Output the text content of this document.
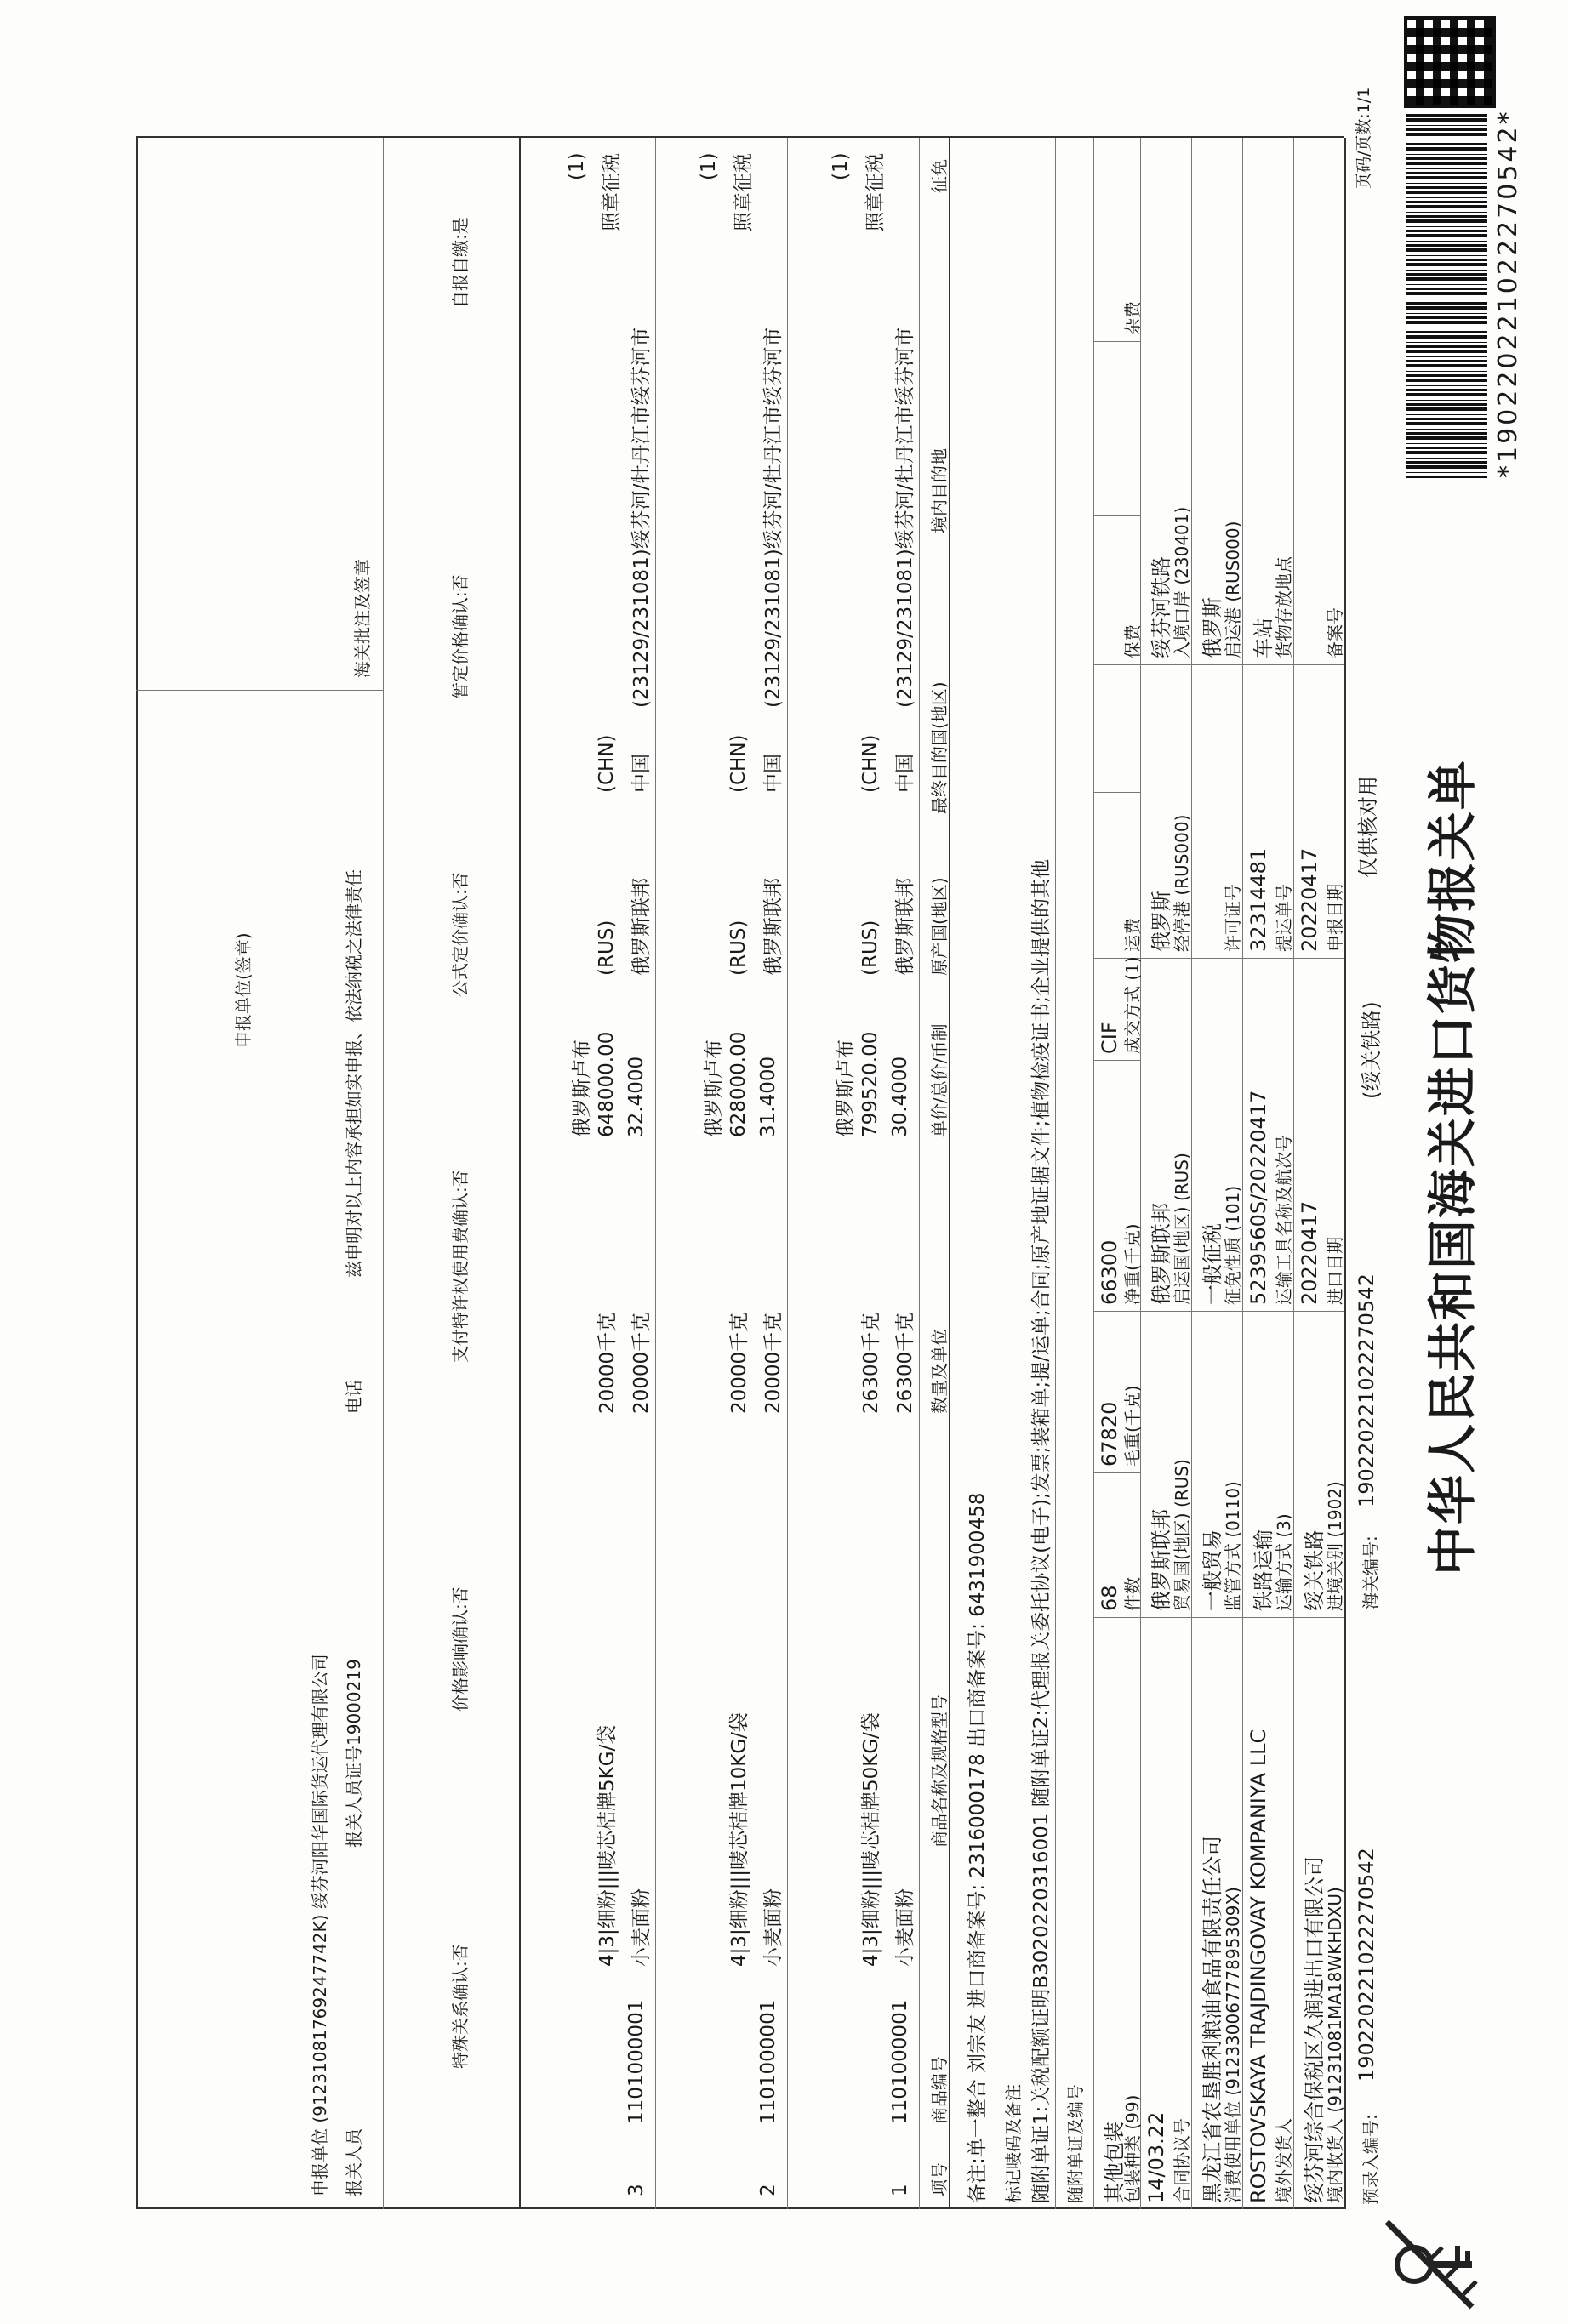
中华人民共和国海关进口货物报关单
*190220221022270542*
仅供核对用
页码/页数:1/1
预录入编号:
190220221022270542
海关编号:
190220221022270542
(绥关铁路)
境内收货人 (91231081MA18WKHDXU)
绥芬河综合保税区久润进出口有限公司
进境关别 (1902)
绥关铁路
进口日期
20220417
申报日期
20220417
备案号
境外发货人
ROSTOVSKAYA TRAJDINGOVAY KOMPANIYA LLC
运输方式 (3)
铁路运输
运输工具名称及航次号
5239560S/20220417
提运单号
32314481
货物存放地点
车站
消费使用单位 (91233006777895309X)
黑龙江省农垦胜利粮油食品有限责任公司
监管方式 (0110)
一般贸易
征免性质 (101)
一般征税
许可证号
启运港 (RUS000)
俄罗斯
合同协议号
14/03.22
贸易国(地区) (RUS)
俄罗斯联邦
启运国(地区) (RUS)
俄罗斯联邦
经停港 (RUS000)
俄罗斯
入境口岸 (230401)
绥芬河铁路
包装种类 (99)
其他包装
件数
68
毛重(千克)
67820
净重(千克)
66300
成交方式 (1)
CIF
运费
保费
杂费
随附单证及编号
随附单证1:关税配额证明B3020220316001 随附单证2:代理报关委托协议(电子);发票;装箱单;提/运单;合同;原产地证据文件;植物检疫证书;企业提供的其他
标记唛码及备注
备注:单一整合 刘宗友 进口商备案号: 2316000178 出口商备案号: 6431900458
项号
商品编号
商品名称及规格型号
数量及单位
单价/总价/币制
原产国(地区)
最终目的国(地区)
境内目的地
征免
1
1101000001
小麦面粉
4|3|细粉|||唛芯桔牌50KG/袋
26300千克
26300千克
30.4000
799520.00
俄罗斯卢布
俄罗斯联邦
(RUS)
中国
(CHN)
(23129/231081)绥芬河/牡丹江市绥芬河市
照章征税
(1)
2
1101000001
小麦面粉
4|3|细粉|||唛芯桔牌10KG/袋
20000千克
20000千克
31.4000
628000.00
俄罗斯卢布
俄罗斯联邦
(RUS)
中国
(CHN)
(23129/231081)绥芬河/牡丹江市绥芬河市
照章征税
(1)
3
1101000001
小麦面粉
4|3|细粉|||唛芯桔牌5KG/袋
20000千克
20000千克
32.4000
648000.00
俄罗斯卢布
俄罗斯联邦
(RUS)
中国
(CHN)
(23129/231081)绥芬河/牡丹江市绥芬河市
照章征税
(1)
特殊关系确认:否
价格影响确认:否
支付特许权使用费确认:否
公式定价确认:否
暂定价格确认:否
自报自缴:是
报关人员
报关人员证号19000219
电话
兹申明对以上内容承担如实申报、依法纳税之法律责任
海关批注及签章
申报单位 (91231081769247742K) 绥芬河阳华国际货运代理有限公司
申报单位(签章)
